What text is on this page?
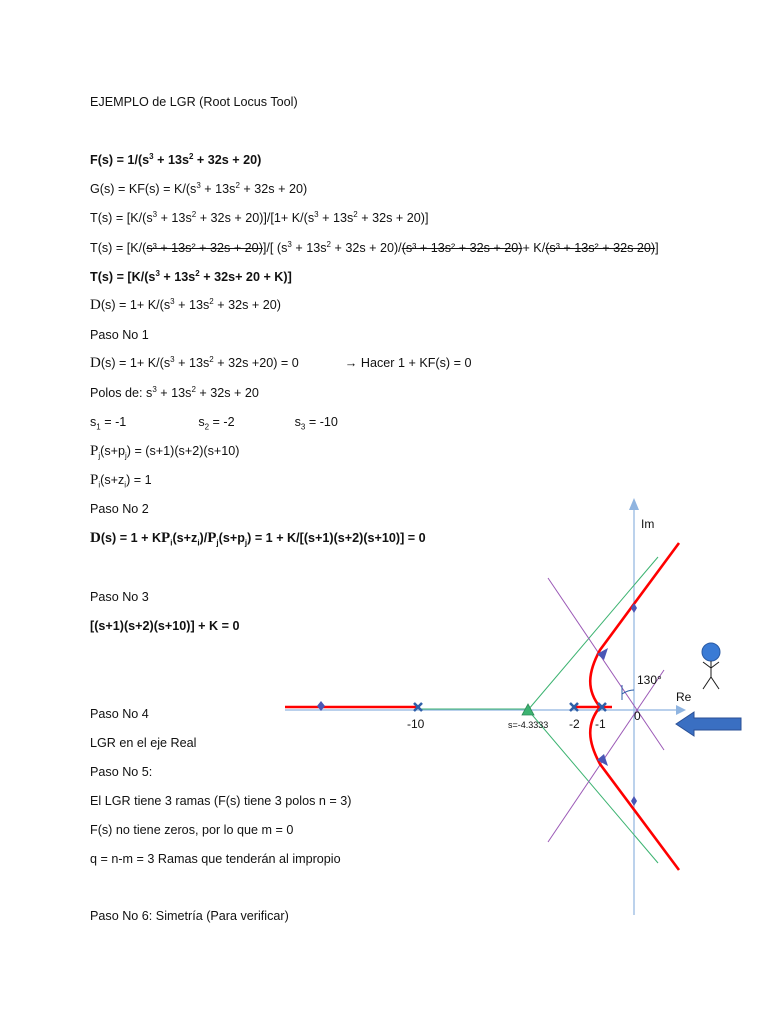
EJEMPLO de LGR (Root Locus Tool)
$F(s) = 1/(s^3 + 13s^2 + 32s + 20)$
$G(s) = KF(s) = K/(s^3 + 13s^2 + 32s + 20)$
$T(s) = [K/(s^3 + 13s^2 + 32s + 20)]/[1+ K/(s^3 + 13s^2 + 32s + 20)]$
T(s) = [K/(s³ + 13s² + 32s + 20)]/[ $(s^3 + 13s^2 + 32s + 20)/(s^3 + 13s^2 + 32s + 20)+ K/(s^3 + 13s^2 + 32s$ 20)]
$T(s) = [K/(s^3 + 13s^2 + 32s+ 20 + K)]$
$D(s) = 1+ K/(s^3 + 13s^2 + 32s + 20)$
Paso No 1
$D(s) = 1+ K/(s^3 + 13s^2 + 32s +20) = 0$	→ Hacer 1 + KF(s) = 0
Polos de: $s^3 + 13s^2 + 32s + 20$
$s_1 = -1$	$s_2 = -2$	$s_3 = -10$
$P_j(s+p_j) = (s+1)(s+2)(s+10)$
$P_i(s+z_i) = 1$
Paso No 2
$D(s) = 1 + KP_i(s+z_i)/P_j(s+p_j) = 1 + K/[(s+1)(s+2)(s+10)] = 0$
Paso No 3
[(s+1)(s+2)(s+10)] + K = 0
Paso No 4
LGR en el eje Real
Paso No 5:
El LGR tiene 3 ramas (F(s) tiene 3 polos n = 3)
F(s) no tiene zeros, por lo que m = 0
q = n-m = 3 Ramas que tenderán al impropio
Paso No 6: Simetría (Para verificar)
Im
Re
130°
s=-4.3333
-10	-2 -1
0
